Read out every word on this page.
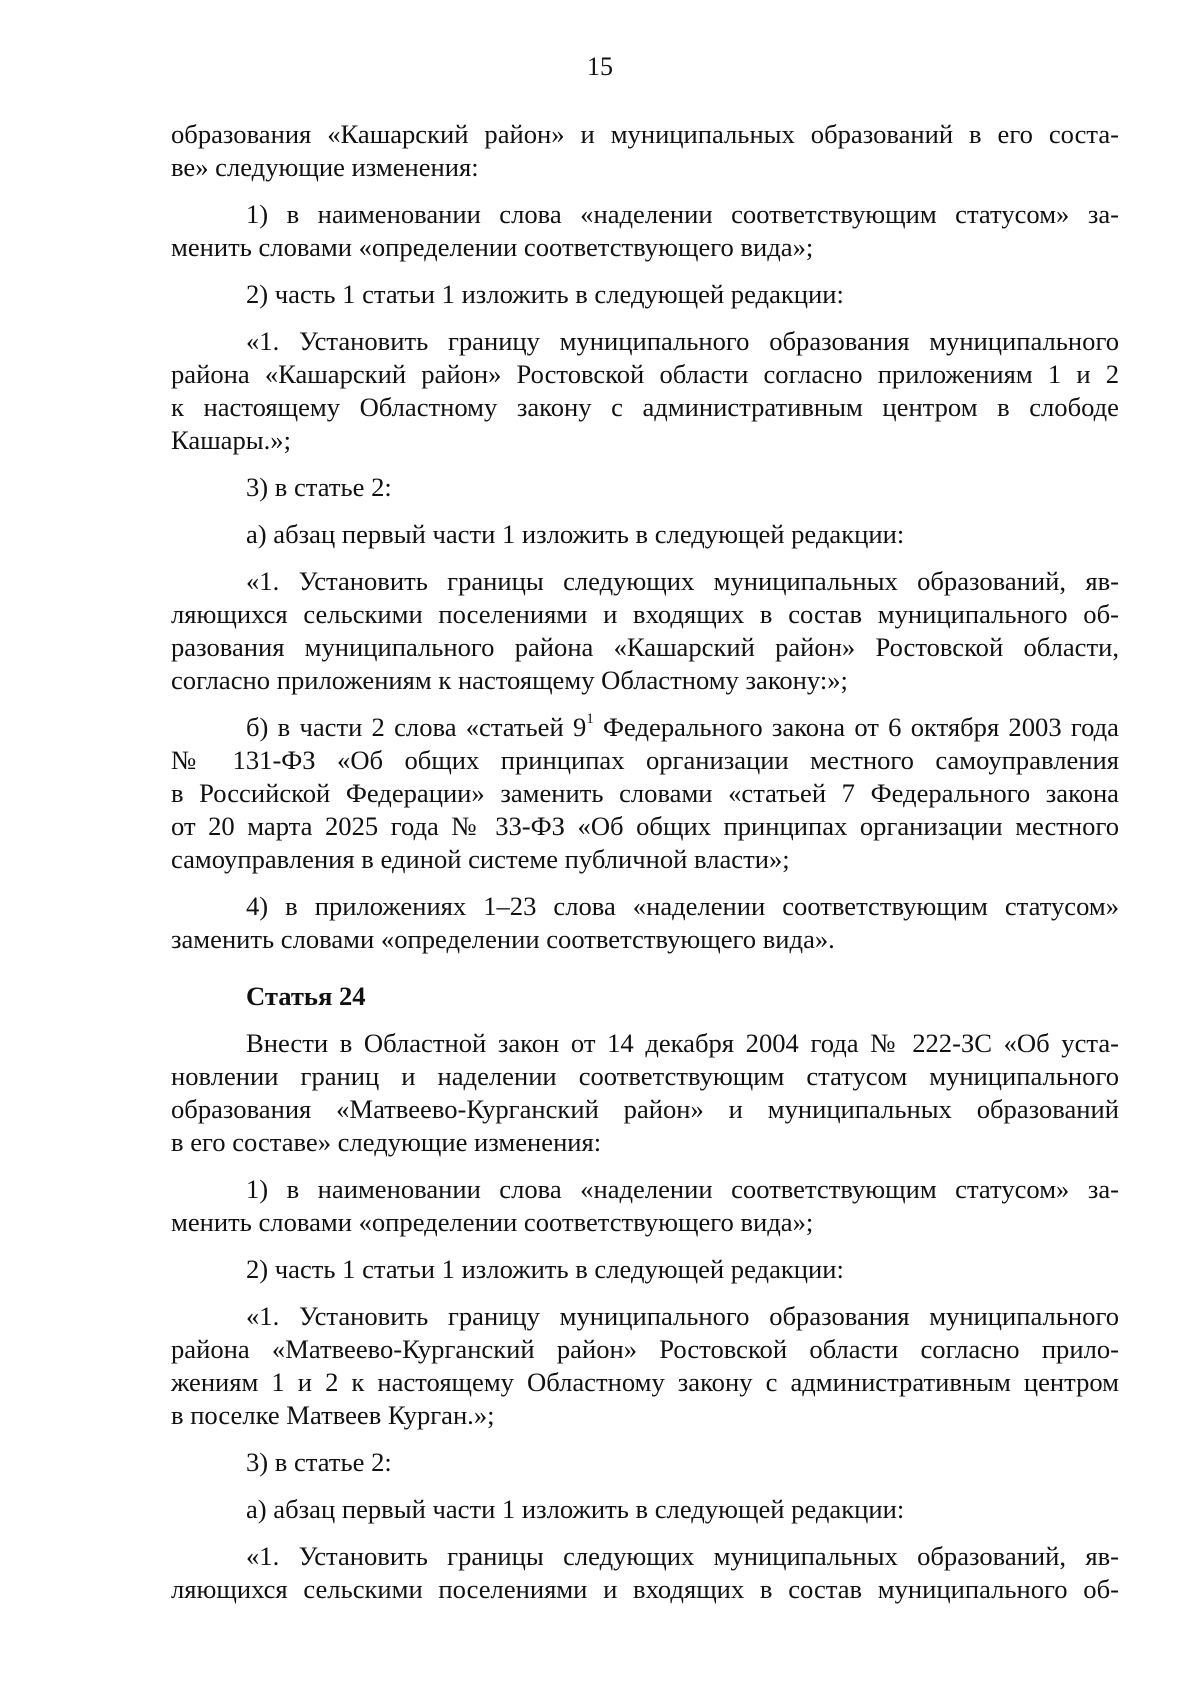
15
образования «Кашарский район» и муниципальных образований в его соста-
ве» следующие изменения:
1) в наименовании слова «наделении соответствующим статусом» за-
менить словами «определении соответствующего вида»;
2) часть 1 статьи 1 изложить в следующей редакции:
«1. Установить границу муниципального образования муниципального
района «Кашарский район» Ростовской области согласно приложениям 1 и 2
к настоящему Областному закону с административным центром в слободе
Кашары.»;
3) в статье 2:
а) абзац первый части 1 изложить в следующей редакции:
«1. Установить границы следующих муниципальных образований, яв-
ляющихся сельскими поселениями и входящих в состав муниципального об-
разования муниципального района «Кашарский район» Ростовской области,
согласно приложениям к настоящему Областному закону:»;
б) в части 2 слова «статьей $9^1$ Федерального закона от 6 октября 2003 года
№ 131-ФЗ «Об общих принципах организации местного самоуправления
в Российской Федерации» заменить словами «статьей 7 Федерального закона
от 20 марта 2025 года № 33-ФЗ «Об общих принципах организации местного
самоуправления в единой системе публичной власти»;
4) в приложениях 1–23 слова «наделении соответствующим статусом»
заменить словами «определении соответствующего вида».
Статья 24
Внести в Областной закон от 14 декабря 2004 года № 222-ЗС «Об уста-
новлении границ и наделении соответствующим статусом муниципального
образования «Матвеево-Курганский район» и муниципальных образований
в его составе» следующие изменения:
1) в наименовании слова «наделении соответствующим статусом» за-
менить словами «определении соответствующего вида»;
2) часть 1 статьи 1 изложить в следующей редакции:
«1. Установить границу муниципального образования муниципального
района «Матвеево-Курганский район» Ростовской области согласно прило-
жениям 1 и 2 к настоящему Областному закону с административным центром
в поселке Матвеев Курган.»;
3) в статье 2:
а) абзац первый части 1 изложить в следующей редакции:
«1. Установить границы следующих муниципальных образований, яв-
ляющихся сельскими поселениями и входящих в состав муниципального об-
